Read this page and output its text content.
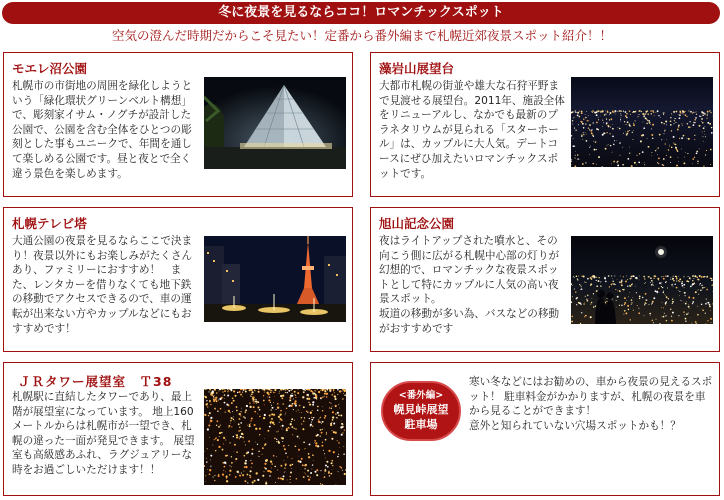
冬に夜景を見るならココ！ロマンチックスポット
空気の澄んだ時期だからこそ見たい！定番から番外編まで札幌近郊夜景スポット紹介！！
モエレ沼公園
札幌市の市街地の周囲を緑化しようという「緑化環状グリーンベルト構想」で、彫刻家イサム・ノグチが設計した公園で、公園を含む全体をひとつの彫刻とした事もユニークで、年間を通して楽しめる公園です。昼と夜とで全く違う景色を楽しめます。
藻岩山展望台
大都市札幌の街並や雄大な石狩平野まで見渡せる展望台。2011年、施設全体をリニューアルし、なかでも最新のプラネタリウムが見られる「スターホール」は、カップルに大人気。デートコースにぜひ加えたいロマンチックスポットです。
札幌テレビ塔
大通公園の夜景を見るならここで決まり！夜景以外にもお楽しみがたくさんあり、ファミリーにおすすめ！　また、レンタカーを借りなくても地下鉄の移動でアクセスできるので、車の運転が出来ない方やカップルなどにもおすすめです！
旭山記念公園
夜はライトアップされた噴水と、その向こう側に広がる札幌中心部の灯りが幻想的で、ロマンチックな夜景スポットとして特にカップルに人気の高い夜景スポット。
坂道の移動が多い為、バスなどの移動がおすすめです
ＪＲタワー展望室　Ｔ38
札幌駅に直結したタワーであり、最上階が展望室になっています。 地上160メートルからは札幌市が一望でき、札幌の違った一面が発見できます。 展望室も高級感あふれ、ラグジュアリーな時をお過ごしいただけます！！
<番外編>
幌見峠展望
駐車場
寒い冬などにはお勧めの、車から夜景の見えるスポット！ 駐車料金がかかりますが、札幌の夜景を車から見ることができます！
意外と知られていない穴場スポットかも！？
